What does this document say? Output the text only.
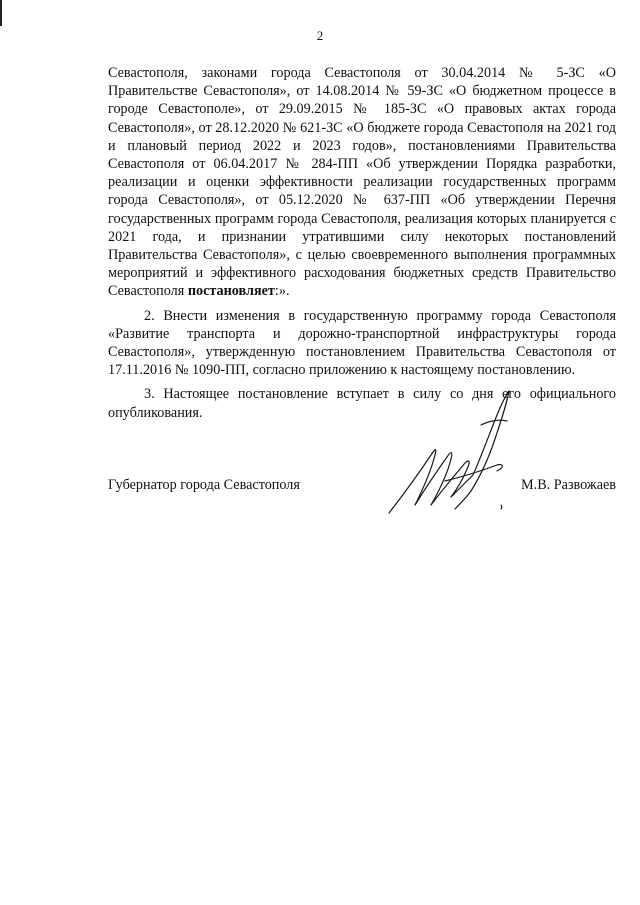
2

Севастополя, законами города Севастополя от 30.04.2014 № 5-ЗС «О Правительстве Севастополя», от 14.08.2014 № 59-ЗС «О бюджетном процессе в городе Севастополе», от 29.09.2015 № 185-ЗС «О правовых актах города Севастополя», от 28.12.2020 № 621-ЗС «О бюджете города Севастополя на 2021 год и плановый период 2022 и 2023 годов», постановлениями Правительства Севастополя от 06.04.2017 № 284-ПП «Об утверждении Порядка разработки, реализации и оценки эффективности реализации государственных программ города Севастополя», от 05.12.2020 № 637-ПП «Об утверждении Перечня государственных программ города Севастополя, реализация которых планируется с 2021 года, и признании утратившими силу некоторых постановлений Правительства Севастополя», с целью своевременного выполнения программных мероприятий и эффективного расходования бюджетных средств Правительство Севастополя постановляет:».

2. Внести изменения в государственную программу города Севастополя «Развитие транспорта и дорожно-транспортной инфраструктуры города Севастополя», утвержденную постановлением Правительства Севастополя от 17.11.2016 № 1090-ПП, согласно приложению к настоящему постановлению.

3. Настоящее постановление вступает в силу со дня его официального опубликования.

Губернатор города Севастополя	М.В. Развожаев
